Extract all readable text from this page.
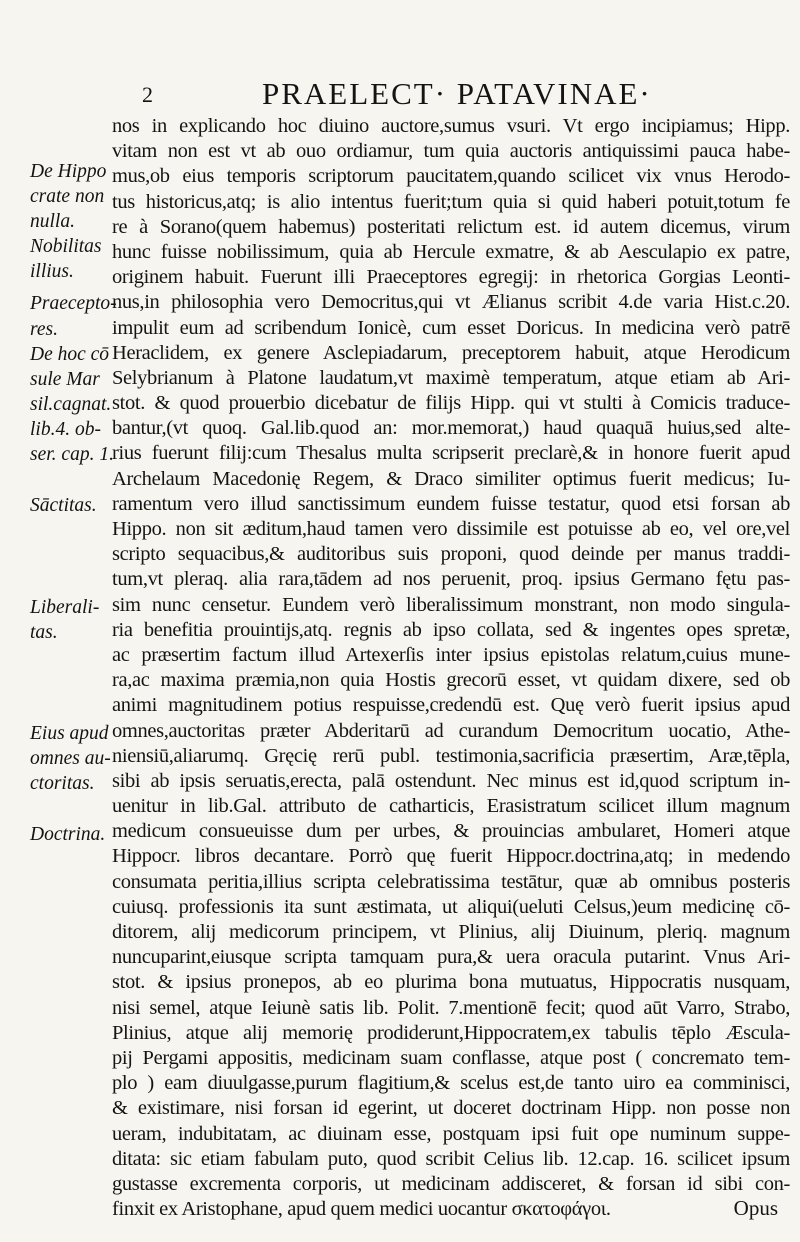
2	PRAELECT· PATAVINAE·
De Hippo
crate non
nulla.
Nobilitas
illius.
Praecepto-
res.
De hoc cō
sule Mar
sil.cagnat.
lib.4. ob-
ser. cap. 1.
Sāctitas.
Liberali-
tas.
Eius apud
omnes au-
ctoritas.
Doctrina.
nos in explicando hoc diuino auctore,sumus vsuri. Vt ergo incipiamus; Hipp.
vitam non est vt ab ouo ordiamur, tum quia auctoris antiquissimi pauca habe-
mus,ob eius temporis scriptorum paucitatem,quando scilicet vix vnus Herodo-
tus historicus,atq; is alio intentus fuerit;tum quia si quid haberi potuit,totum fe
re à Sorano(quem habemus) posteritati relictum est. id autem dicemus, virum
hunc fuisse nobilissimum, quia ab Hercule exmatre, & ab Aesculapio ex patre,
originem habuit. Fuerunt illi Praeceptores egregij: in rhetorica Gorgias Leonti-
nus,in philosophia vero Democritus,qui vt Ælianus scribit 4.de varia Hist.c.20.
impulit eum ad scribendum Ionicè, cum esset Doricus. In medicina verò patrē
Heraclidem, ex genere Asclepiadarum, preceptorem habuit, atque Herodicum
Selybrianum à Platone laudatum,vt maximè temperatum, atque etiam ab Ari-
stot. & quod prouerbio dicebatur de filijs Hipp. qui vt stulti à Comicis traduce-
bantur,(vt quoq. Gal.lib.quod an: mor.memorat,) haud quaquā huius,sed alte-
rius fuerunt filij:cum Thesalus multa scripserit preclarè,& in honore fuerit apud
Archelaum Macedonię Regem, & Draco similiter optimus fuerit medicus; Iu-
ramentum vero illud sanctissimum eundem fuisse testatur, quod etsi forsan ab
Hippo. non sit æditum,haud tamen vero dissimile est potuisse ab eo, vel ore,vel
scripto sequacibus,& auditoribus suis proponi, quod deinde per manus traddi-
tum,vt pleraq. alia rara,tādem ad nos peruenit, proq. ipsius Germano fętu pas-
sim nunc censetur. Eundem verò liberalissimum monstrant, non modo singula-
ria benefitia prouintijs,atq. regnis ab ipso collata, sed & ingentes opes spretæ,
ac præsertim factum illud Artexerſis inter ipsius epistolas relatum,cuius mune-
ra,ac maxima præmia,non quia Hostis grecorū esset, vt quidam dixere, sed ob
animi magnitudinem potius respuisse,credendū est. Quę verò fuerit ipsius apud
omnes,auctoritas præter Abderitarū ad curandum Democritum uocatio, Athe-
niensiū,aliarumq. Gręcię rerū publ. testimonia,sacrificia præsertim, Aræ,tēpla,
sibi ab ipsis seruatis,erecta, palā ostendunt. Nec minus est id,quod scriptum in-
uenitur in lib.Gal. attributo de catharticis, Erasistratum scilicet illum magnum
medicum consueuisse dum per urbes, & prouincias ambularet, Homeri atque
Hippocr. libros decantare. Porrò quę fuerit Hippocr.doctrina,atq; in medendo
consumata peritia,illius scripta celebratissima testātur, quæ ab omnibus posteris
cuiusq. professionis ita sunt æstimata, ut aliqui(ueluti Celsus,)eum medicinę cō-
ditorem, alij medicorum principem, vt Plinius, alij Diuinum, pleriq. magnum
nuncuparint,eiusque scripta tamquam pura,& uera oracula putarint. Vnus Ari-
stot. & ipsius pronepos, ab eo plurima bona mutuatus, Hippocratis nusquam,
nisi semel, atque Ieiunè satis lib. Polit. 7.mentionē fecit; quod aūt Varro, Strabo,
Plinius, atque alij memorię prodiderunt,Hippocratem,ex tabulis tēplo Æscula-
pij Pergami appositis, medicinam suam conflasse, atque post ( concremato tem-
plo ) eam diuulgasse,purum flagitium,& scelus est,de tanto uiro ea comminisci,
& existimare, nisi forsan id egerint, ut doceret doctrinam Hipp. non posse non
ueram, indubitatam, ac diuinam esse, postquam ipsi fuit ope numinum suppe-
ditata: sic etiam fabulam puto, quod scribit Celius lib. 12.cap. 16. scilicet ipsum
gustasse excrementa corporis, ut medicinam addisceret, & forsan id sibi con-
finxit ex Aristophane, apud quem medici uocantur σκατοφάγοι.	Opus
